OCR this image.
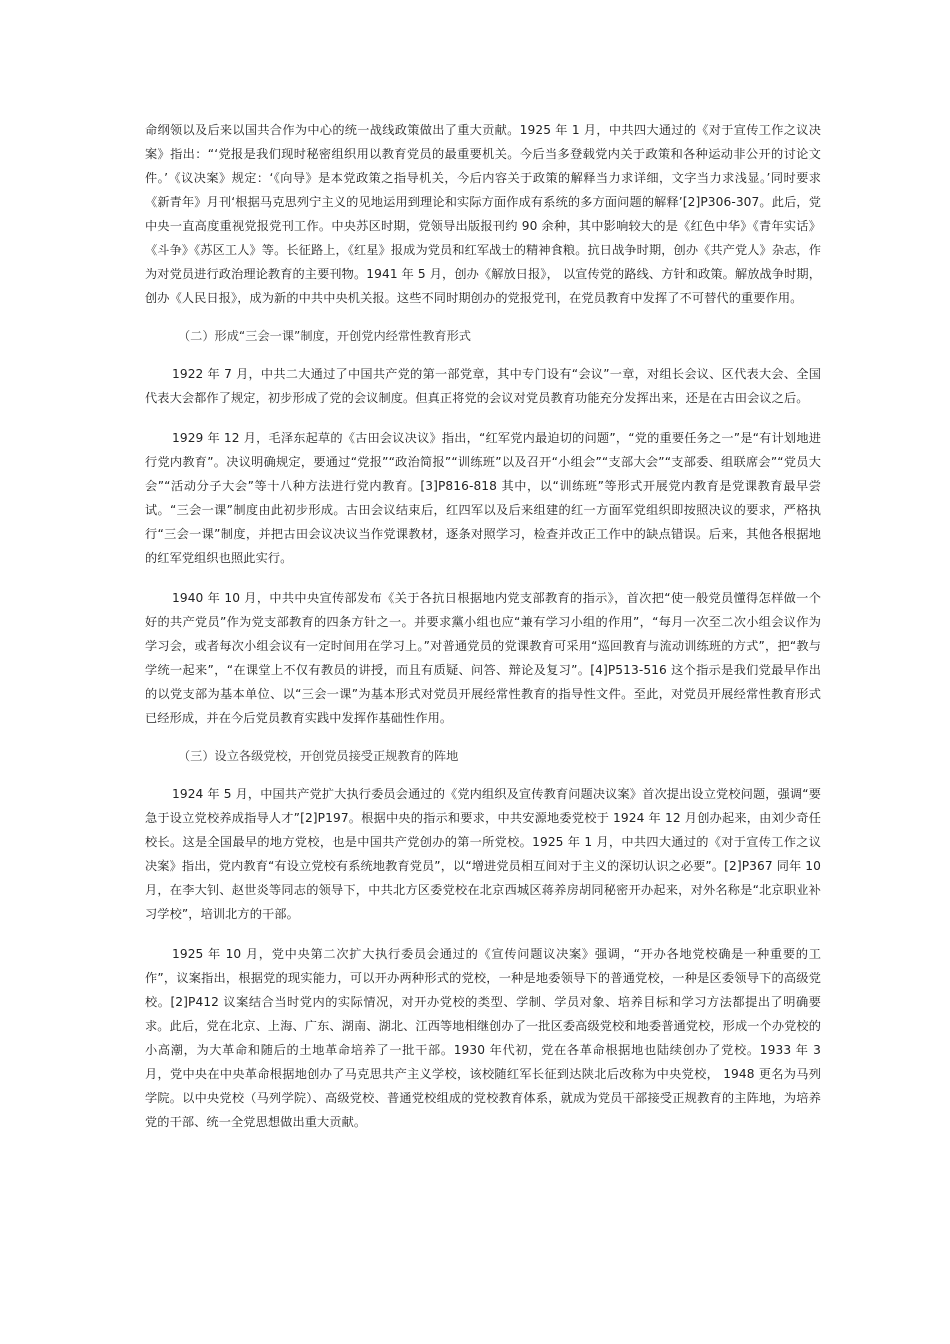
命纲领以及后来以国共合作为中心的统一战线政策做出了重大贡献。1925 年 1 月，中共四大通过的《对于宣传工作之议决案》指出：“‘党报是我们现时秘密组织用以教育党员的最重要机关。今后当多登载党内关于政策和各种运动非公开的讨论文件。’《议决案》规定：‘《向导》是本党政策之指导机关，今后内容关于政策的解释当力求详细，文字当力求浅显。’同时要求《新青年》月刊‘根据马克思列宁主义的见地运用到理论和实际方面作成有系统的多方面问题的解释’[2]P306-307。此后，党中央一直高度重视党报党刊工作。中央苏区时期，党领导出版报刊约 90 余种，其中影响较大的是《红色中华》《青年实话》《斗争》《苏区工人》等。长征路上，《红星》报成为党员和红军战士的精神食粮。抗日战争时期，创办《共产党人》杂志，作为对党员进行政治理论教育的主要刊物。1941 年 5 月，创办《解放日报》， 以宣传党的路线、方针和政策。解放战争时期，创办《人民日报》，成为新的中共中央机关报。这些不同时期创办的党报党刊，在党员教育中发挥了不可替代的重要作用。

（二）形成“三会一课”制度，开创党内经常性教育形式

1922 年 7 月，中共二大通过了中国共产党的第一部党章，其中专门设有“会议”一章，对组长会议、区代表大会、全国代表大会都作了规定，初步形成了党的会议制度。但真正将党的会议对党员教育功能充分发挥出来，还是在古田会议之后。

1929 年 12 月，毛泽东起草的《古田会议决议》指出，“红军党内最迫切的问题”，“党的重要任务之一”是“有计划地进行党内教育”。决议明确规定，要通过“党报”“政治简报”“训练班”以及召开“小组会”“支部大会”“支部委、组联席会”“党员大会”“活动分子大会”等十八种方法进行党内教育。[3]P816-818 其中，以“训练班”等形式开展党内教育是党课教育最早尝试。“三会一课”制度由此初步形成。古田会议结束后，红四军以及后来组建的红一方面军党组织即按照决议的要求，严格执行“三会一课”制度，并把古田会议决议当作党课教材，逐条对照学习，检查并改正工作中的缺点错误。后来，其他各根据地的红军党组织也照此实行。

1940 年 10 月，中共中央宣传部发布《关于各抗日根据地内党支部教育的指示》，首次把“使一般党员懂得怎样做一个好的共产党员”作为党支部教育的四条方针之一。并要求黨小组也应“兼有学习小组的作用”，“每月一次至二次小组会议作为学习会，或者每次小组会议有一定时间用在学习上。”对普通党员的党课教育可采用“巡回教育与流动训练班的方式”，把“教与学统一起来”，“在课堂上不仅有教员的讲授，而且有质疑、问答、辩论及复习”。[4]P513-516 这个指示是我们党最早作出的以党支部为基本单位、以“三会一课”为基本形式对党员开展经常性教育的指导性文件。至此，对党员开展经常性教育形式已经形成，并在今后党员教育实践中发挥作基础性作用。

（三）设立各级党校，开创党员接受正规教育的阵地

1924 年 5 月，中国共产党扩大执行委员会通过的《党内组织及宣传教育问题决议案》首次提出设立党校问题，强调“要急于设立党校养成指导人才”[2]P197。根据中央的指示和要求，中共安源地委党校于 1924 年 12 月创办起来，由刘少奇任校长。这是全国最早的地方党校，也是中国共产党创办的第一所党校。1925 年 1 月，中共四大通过的《对于宣传工作之议决案》指出，党内教育“有设立党校有系统地教育党员”，以“增进党员相互间对于主义的深切认识之必要”。[2]P367 同年 10 月，在李大钊、赵世炎等同志的领导下，中共北方区委党校在北京西城区蒋养房胡同秘密开办起来，对外名称是“北京职业补习学校”，培训北方的干部。

1925 年 10 月，党中央第二次扩大执行委员会通过的《宣传问题议决案》强调，“开办各地党校确是一种重要的工作”，议案指出，根据党的现实能力，可以开办两种形式的党校，一种是地委领导下的普通党校，一种是区委领导下的高级党校。[2]P412 议案结合当时党内的实际情况，对开办党校的类型、学制、学员对象、培养目标和学习方法都提出了明确要求。此后，党在北京、上海、广东、湖南、湖北、江西等地相继创办了一批区委高级党校和地委普通党校，形成一个办党校的小高潮，为大革命和随后的土地革命培养了一批干部。1930 年代初，党在各革命根据地也陆续创办了党校。1933 年 3 月，党中央在中央革命根据地创办了马克思共产主义学校，该校随红军长征到达陕北后改称为中央党校， 1948 更名为马列学院。以中央党校（马列学院）、高级党校、普通党校组成的党校教育体系，就成为党员干部接受正规教育的主阵地，为培养党的干部、统一全党思想做出重大贡献。
